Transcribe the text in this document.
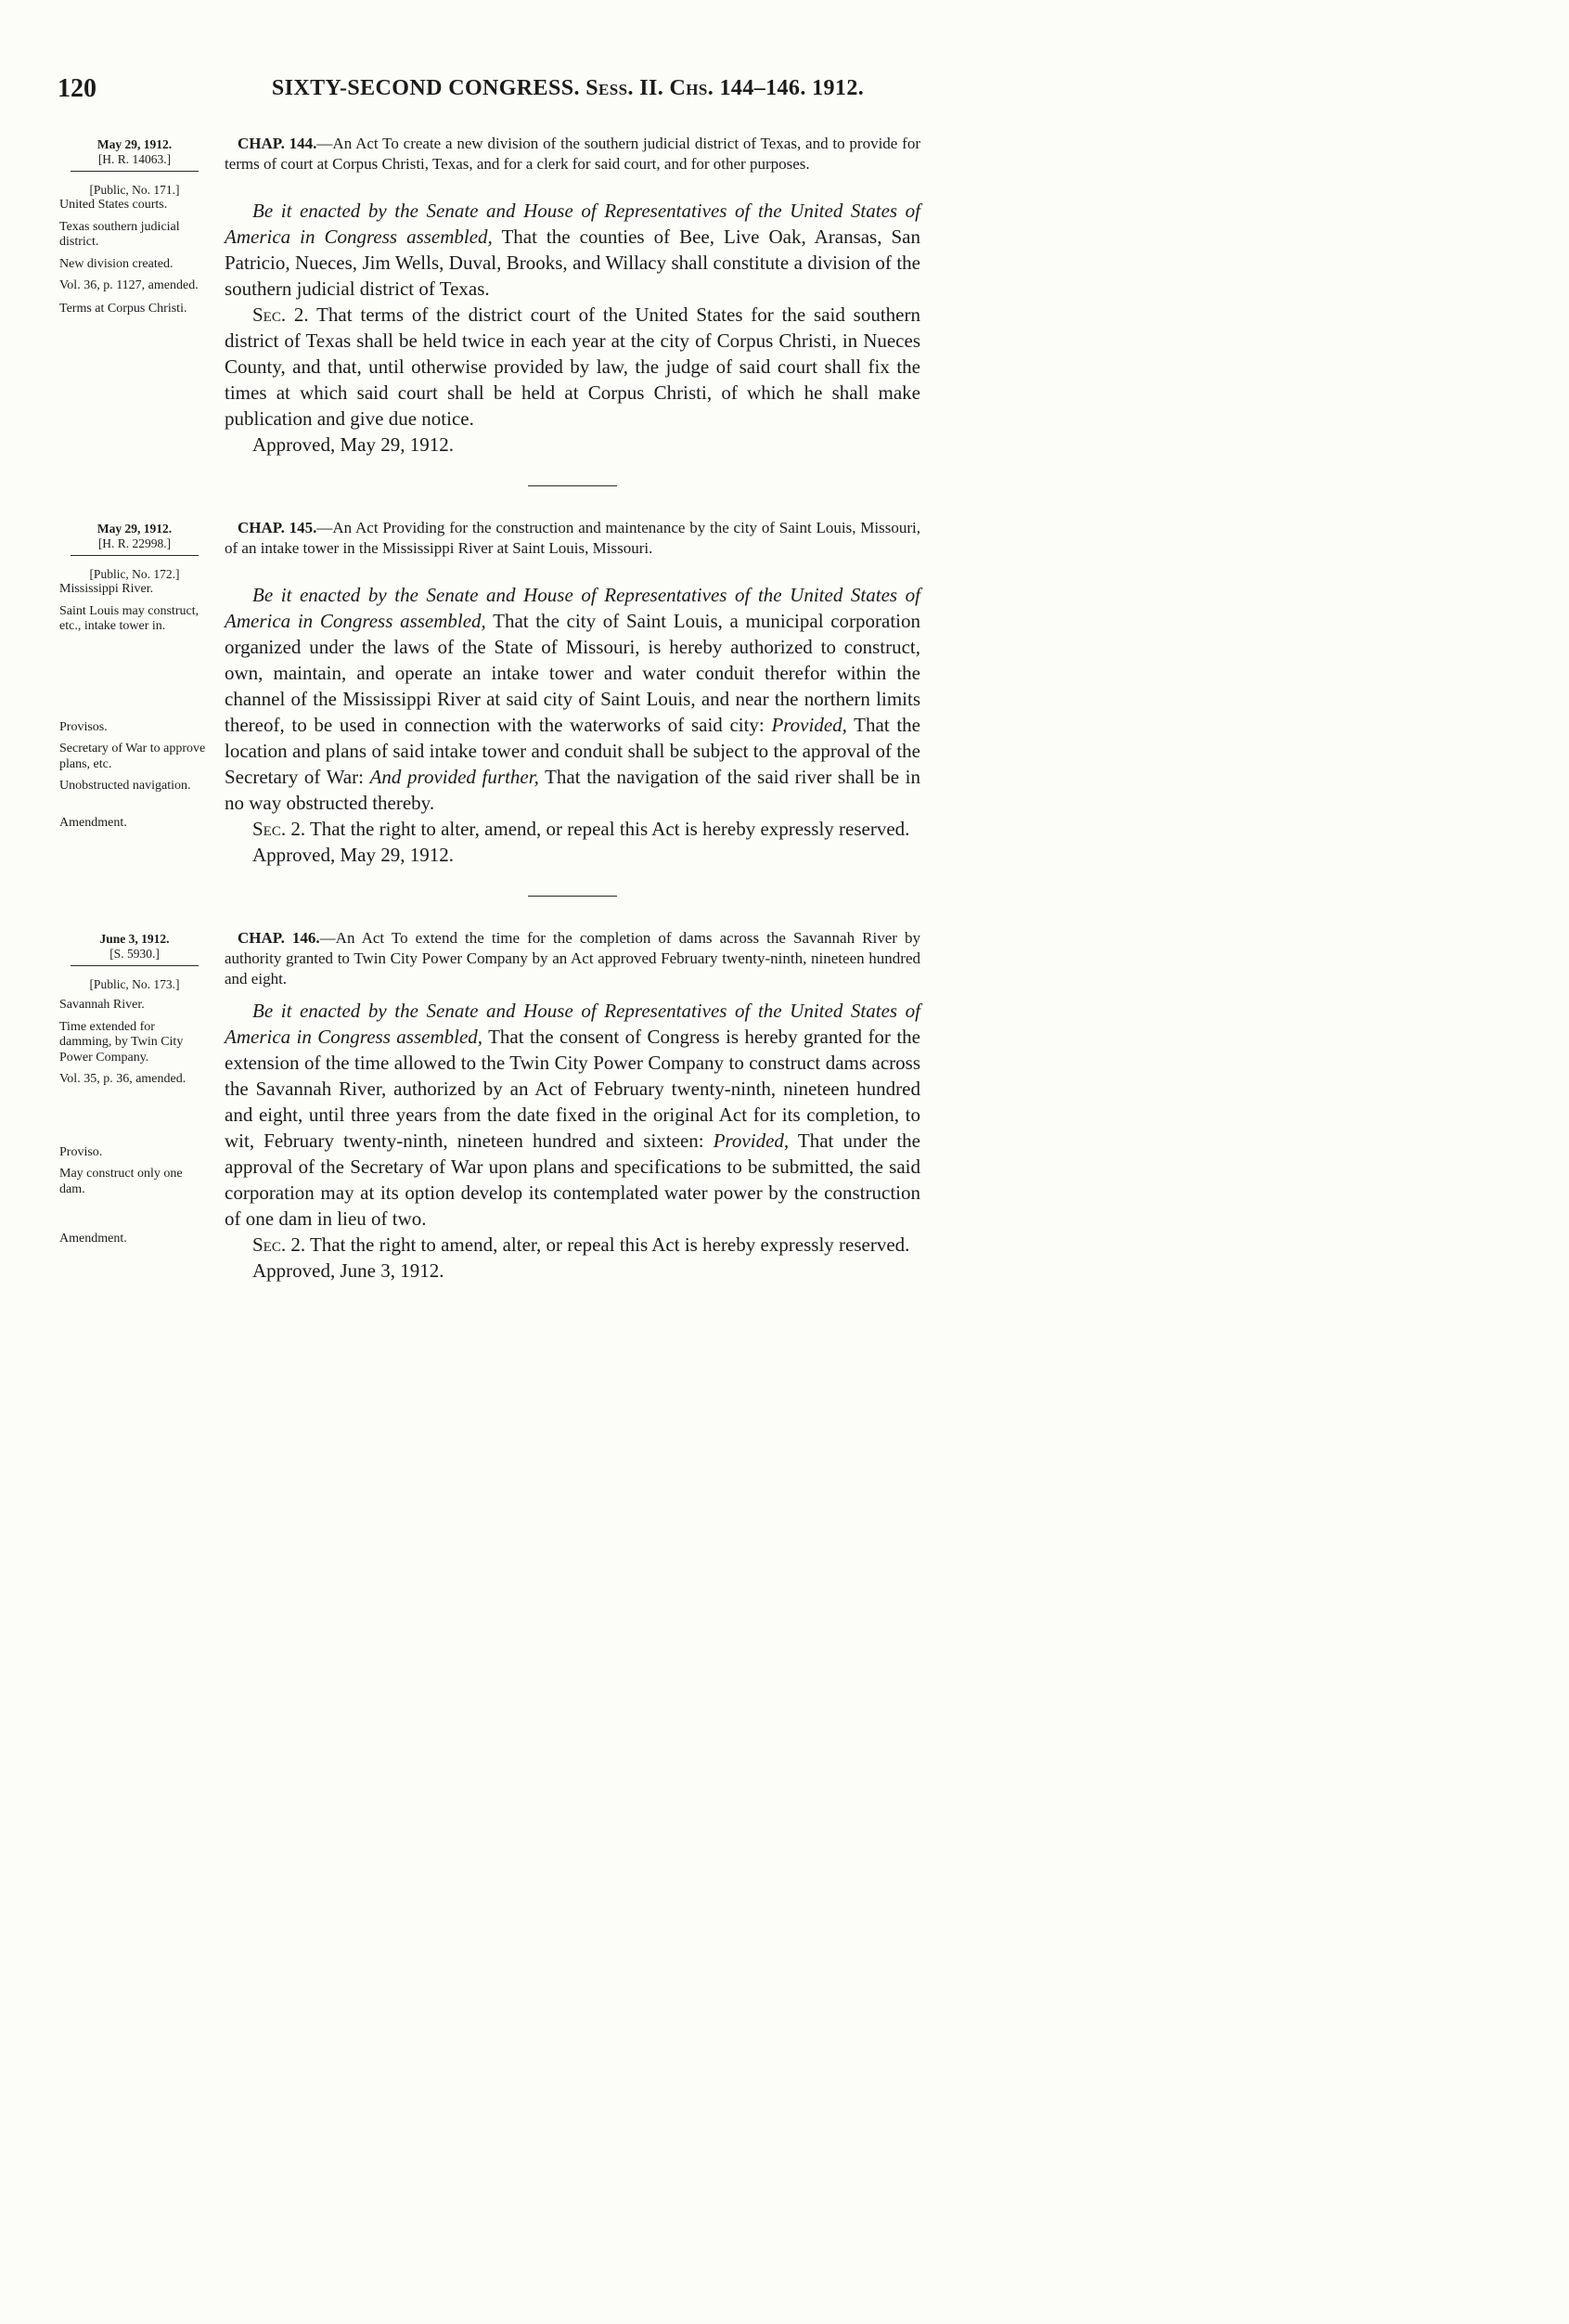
120	SIXTY-SECOND CONGRESS. Sess. II. Chs. 144–146. 1912.
May 29, 1912.
[H. R. 14063.]
[Public, No. 171.]

CHAP. 144.—An Act To create a new division of the southern judicial district of Texas, and to provide for terms of court at Corpus Christi, Texas, and for a clerk for said court, and for other purposes.

United States courts.
Texas southern judicial district.
New division created.
Vol. 36, p. 1127, amended.

Be it enacted by the Senate and House of Representatives of the United States of America in Congress assembled, That the counties of Bee, Live Oak, Aransas, San Patricio, Nueces, Jim Wells, Duval, Brooks, and Willacy shall constitute a division of the southern judicial district of Texas.

Terms at Corpus Christi.	Sec. 2. That terms of the district court of the United States for the said southern district of Texas shall be held twice in each year at the city of Corpus Christi, in Nueces County, and that, until otherwise provided by law, the judge of said court shall fix the times at which said court shall be held at Corpus Christi, of which he shall make publication and give due notice.

Approved, May 29, 1912.

May 29, 1912.
[H. R. 22998.]
[Public, No. 172.]

CHAP. 145.—An Act Providing for the construction and maintenance by the city of Saint Louis, Missouri, of an intake tower in the Mississippi River at Saint Louis, Missouri.

Mississippi River.
Saint Louis may construct, etc., intake tower in.
Provisos.
Secretary of War to approve plans, etc.
Unobstructed navigation.

Be it enacted by the Senate and House of Representatives of the United States of America in Congress assembled, That the city of Saint Louis, a municipal corporation organized under the laws of the State of Missouri, is hereby authorized to construct, own, maintain, and operate an intake tower and water conduit therefor within the channel of the Mississippi River at said city of Saint Louis, and near the northern limits thereof, to be used in connection with the waterworks of said city: Provided, That the location and plans of said intake tower and conduit shall be subject to the approval of the Secretary of War: And provided further, That the navigation of the said river shall be in no way obstructed thereby.

Amendment.	Sec. 2. That the right to alter, amend, or repeal this Act is hereby expressly reserved.

Approved, May 29, 1912.

June 3, 1912.
[S. 5930.]
[Public, No. 173.]

CHAP. 146.—An Act To extend the time for the completion of dams across the Savannah River by authority granted to Twin City Power Company by an Act approved February twenty-ninth, nineteen hundred and eight.

Savannah River.
Time extended for damming, by Twin City Power Company.
Vol. 35, p. 36, amended.
Proviso.
May construct only one dam.

Be it enacted by the Senate and House of Representatives of the United States of America in Congress assembled, That the consent of Congress is hereby granted for the extension of the time allowed to the Twin City Power Company to construct dams across the Savannah River, authorized by an Act of February twenty-ninth, nineteen hundred and eight, until three years from the date fixed in the original Act for its completion, to wit, February twenty-ninth, nineteen hundred and sixteen: Provided, That under the approval of the Secretary of War upon plans and specifications to be submitted, the said corporation may at its option develop its contemplated water power by the construction of one dam in lieu of two.

Amendment.	Sec. 2. That the right to amend, alter, or repeal this Act is hereby expressly reserved.

Approved, June 3, 1912.
